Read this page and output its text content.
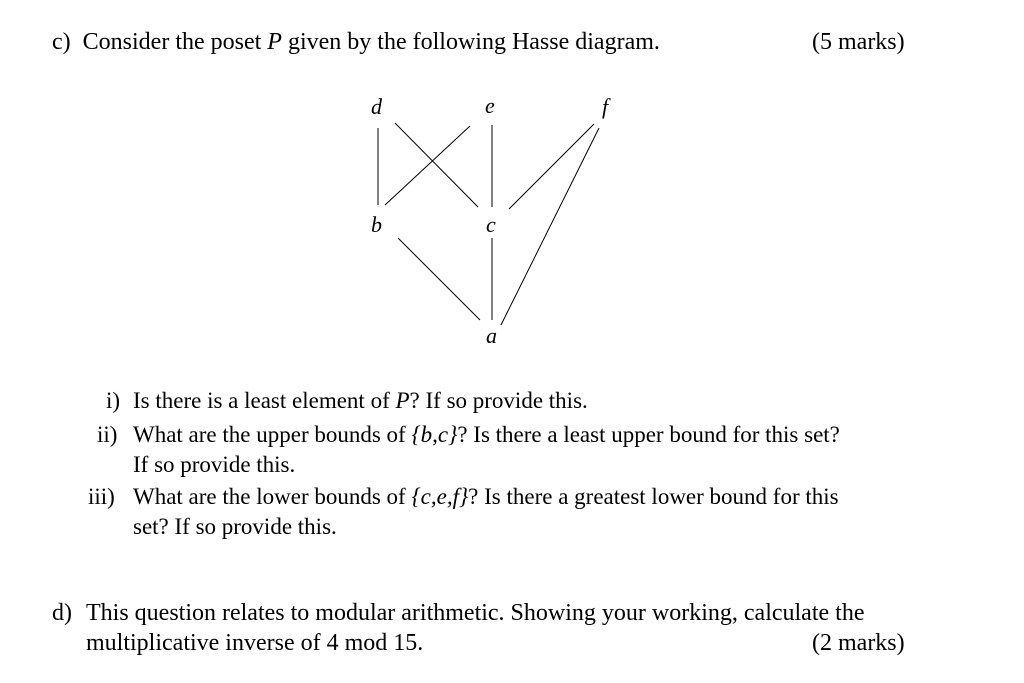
c) Consider the poset P given by the following Hasse diagram.	(5 marks)
d	e	f
b	c
a
i) Is there is a least element of P? If so provide this.
ii) What are the upper bounds of {b,c}? Is there a least upper bound for this set?
If so provide this.
iii) What are the lower bounds of {c,e,f}? Is there a greatest lower bound for this
set? If so provide this.
d) This question relates to modular arithmetic. Showing your working, calculate the
multiplicative inverse of 4 mod 15.	(2 marks)
